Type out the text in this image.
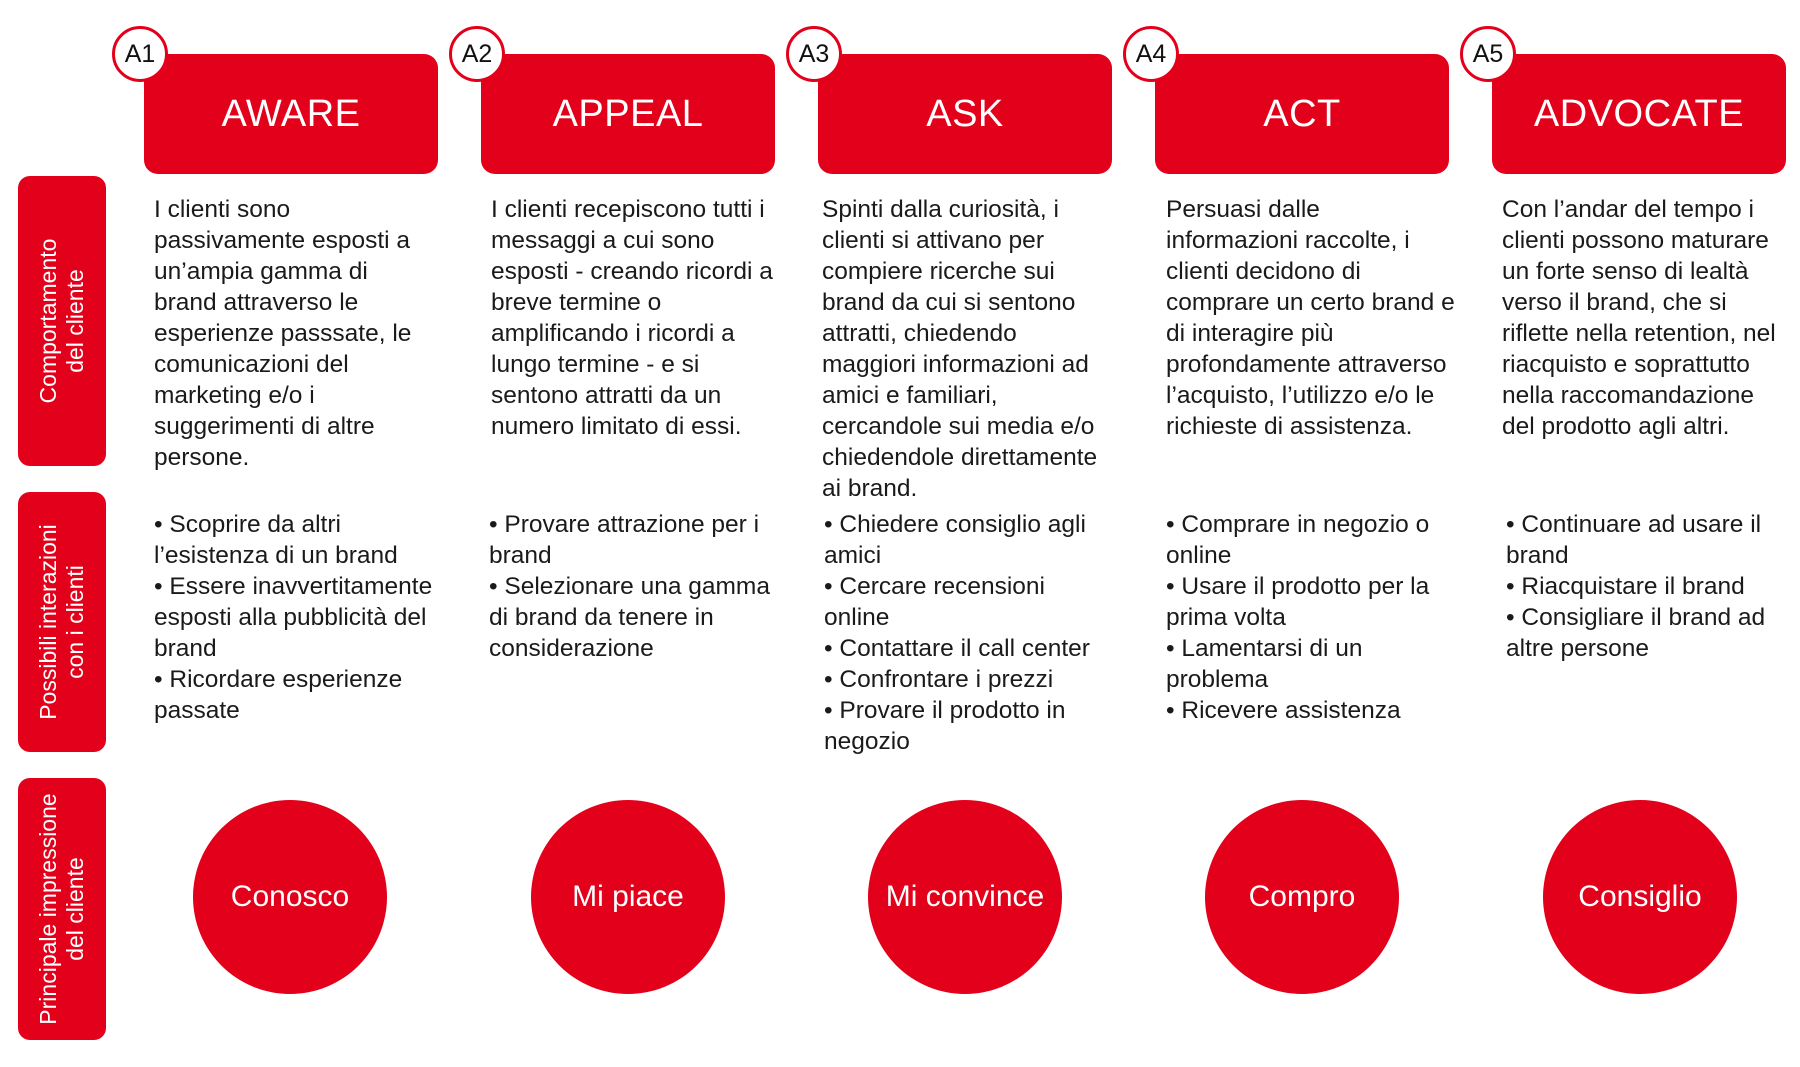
Comportamento del cliente
Possibili interazioni con i clienti
Principale impressione del cliente
AWARE
A1
I clienti sono passivamente esposti a un’ampia gamma di brand attraverso le esperienze passsate, le comunicazioni del marketing e/o i suggerimenti di altre persone.
• Scoprire da altri l’esistenza di un brand
• Essere inavvertitamente esposti alla pubblicità del brand
• Ricordare esperienze passate
Conosco
APPEAL
A2
I clienti recepiscono tutti i messaggi a cui sono esposti - creando ricordi a breve termine o amplificando i ricordi a lungo termine - e si sentono attratti da un numero limitato di essi.
• Provare attrazione per i brand
• Selezionare una gamma di brand da tenere in considerazione
Mi piace
ASK
A3
Spinti dalla curiosità, i clienti si attivano per compiere ricerche sui brand da cui si sentono attratti, chiedendo maggiori informazioni ad amici e familiari, cercandole sui media e/o chiedendole direttamente ai brand.
• Chiedere consiglio agli amici
• Cercare recensioni online
• Contattare il call center
• Confrontare i prezzi
• Provare il prodotto in negozio
Mi convince
ACT
A4
Persuasi dalle informazioni raccolte, i clienti decidono di comprare un certo brand e di interagire più profondamente attraverso l’acquisto, l’utilizzo e/o le richieste di assistenza.
• Comprare in negozio o online
• Usare il prodotto per la prima volta
• Lamentarsi di un problema
• Ricevere assistenza
Compro
ADVOCATE
A5
Con l’andar del tempo i clienti possono maturare un forte senso di lealtà verso il brand, che si riflette nella retention, nel riacquisto e soprattutto nella raccomandazione del prodotto agli altri.
• Continuare ad usare il brand
• Riacquistare il brand
• Consigliare il brand ad altre persone
Consiglio
